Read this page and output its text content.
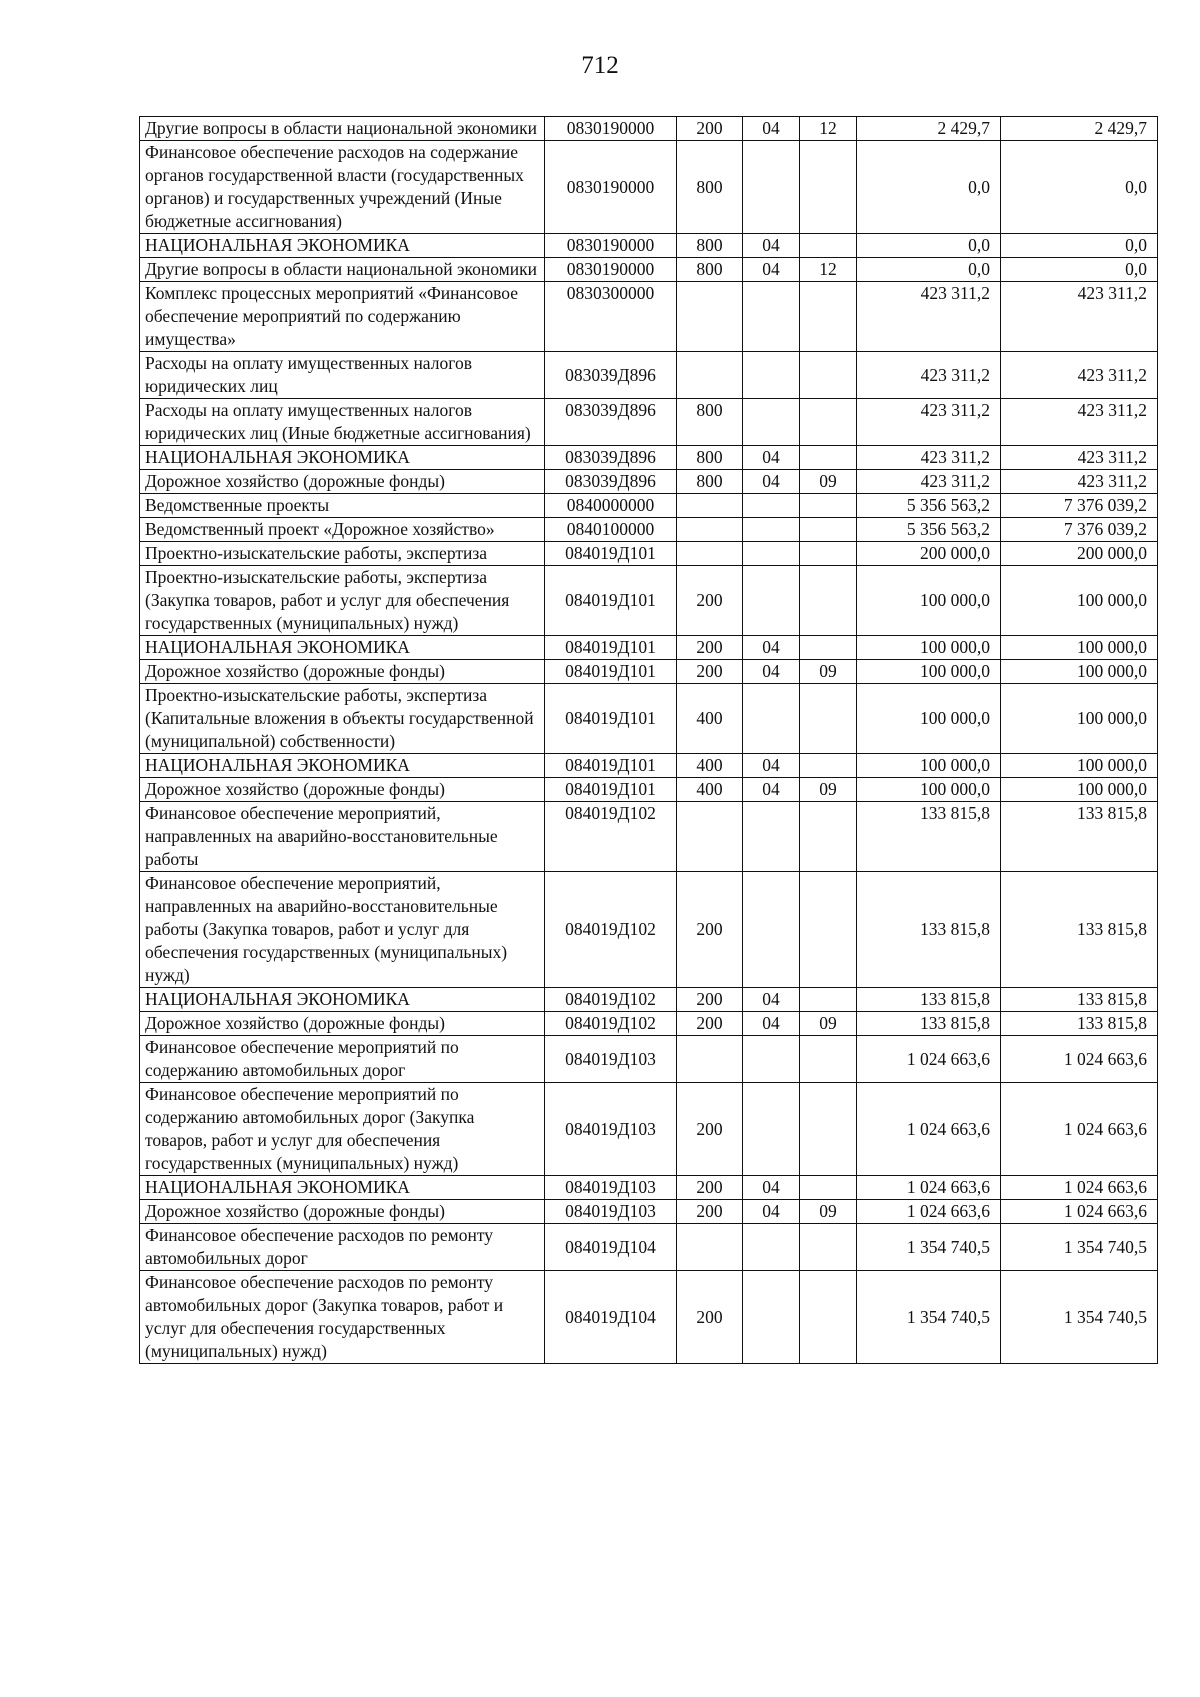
712
Другие вопросы в области национальной экономики	0830190000	200	04	12	2 429,7	2 429,7
Финансовое обеспечение расходов на содержание органов государственной власти (государственных органов) и государственных учреждений (Иные бюджетные ассигнования)	0830190000	800			0,0	0,0
НАЦИОНАЛЬНАЯ ЭКОНОМИКА	0830190000	800	04		0,0	0,0
Другие вопросы в области национальной экономики	0830190000	800	04	12	0,0	0,0
Комплекс процессных мероприятий «Финансовое обеспечение мероприятий по содержанию имущества»	0830300000				423 311,2	423 311,2
Расходы на оплату имущественных налогов юридических лиц	083039Д896				423 311,2	423 311,2
Расходы на оплату имущественных налогов юридических лиц (Иные бюджетные ассигнования)	083039Д896	800			423 311,2	423 311,2
НАЦИОНАЛЬНАЯ ЭКОНОМИКА	083039Д896	800	04		423 311,2	423 311,2
Дорожное хозяйство (дорожные фонды)	083039Д896	800	04	09	423 311,2	423 311,2
Ведомственные проекты	0840000000				5 356 563,2	7 376 039,2
Ведомственный проект «Дорожное хозяйство»	0840100000				5 356 563,2	7 376 039,2
Проектно-изыскательские работы, экспертиза	084019Д101				200 000,0	200 000,0
Проектно-изыскательские работы, экспертиза (Закупка товаров, работ и услуг для обеспечения государственных (муниципальных) нужд)	084019Д101	200			100 000,0	100 000,0
НАЦИОНАЛЬНАЯ ЭКОНОМИКА	084019Д101	200	04		100 000,0	100 000,0
Дорожное хозяйство (дорожные фонды)	084019Д101	200	04	09	100 000,0	100 000,0
Проектно-изыскательские работы, экспертиза (Капитальные вложения в объекты государственной (муниципальной) собственности)	084019Д101	400			100 000,0	100 000,0
НАЦИОНАЛЬНАЯ ЭКОНОМИКА	084019Д101	400	04		100 000,0	100 000,0
Дорожное хозяйство (дорожные фонды)	084019Д101	400	04	09	100 000,0	100 000,0
Финансовое обеспечение мероприятий, направленных на аварийно-восстановительные работы	084019Д102				133 815,8	133 815,8
Финансовое обеспечение мероприятий, направленных на аварийно-восстановительные работы (Закупка товаров, работ и услуг для обеспечения государственных (муниципальных) нужд)	084019Д102	200			133 815,8	133 815,8
НАЦИОНАЛЬНАЯ ЭКОНОМИКА	084019Д102	200	04		133 815,8	133 815,8
Дорожное хозяйство (дорожные фонды)	084019Д102	200	04	09	133 815,8	133 815,8
Финансовое обеспечение мероприятий по содержанию автомобильных дорог	084019Д103				1 024 663,6	1 024 663,6
Финансовое обеспечение мероприятий по содержанию автомобильных дорог (Закупка товаров, работ и услуг для обеспечения государственных (муниципальных) нужд)	084019Д103	200			1 024 663,6	1 024 663,6
НАЦИОНАЛЬНАЯ ЭКОНОМИКА	084019Д103	200	04		1 024 663,6	1 024 663,6
Дорожное хозяйство (дорожные фонды)	084019Д103	200	04	09	1 024 663,6	1 024 663,6
Финансовое обеспечение расходов по ремонту автомобильных дорог	084019Д104				1 354 740,5	1 354 740,5
Финансовое обеспечение расходов по ремонту автомобильных дорог (Закупка товаров, работ и услуг для обеспечения государственных (муниципальных) нужд)	084019Д104	200			1 354 740,5	1 354 740,5
